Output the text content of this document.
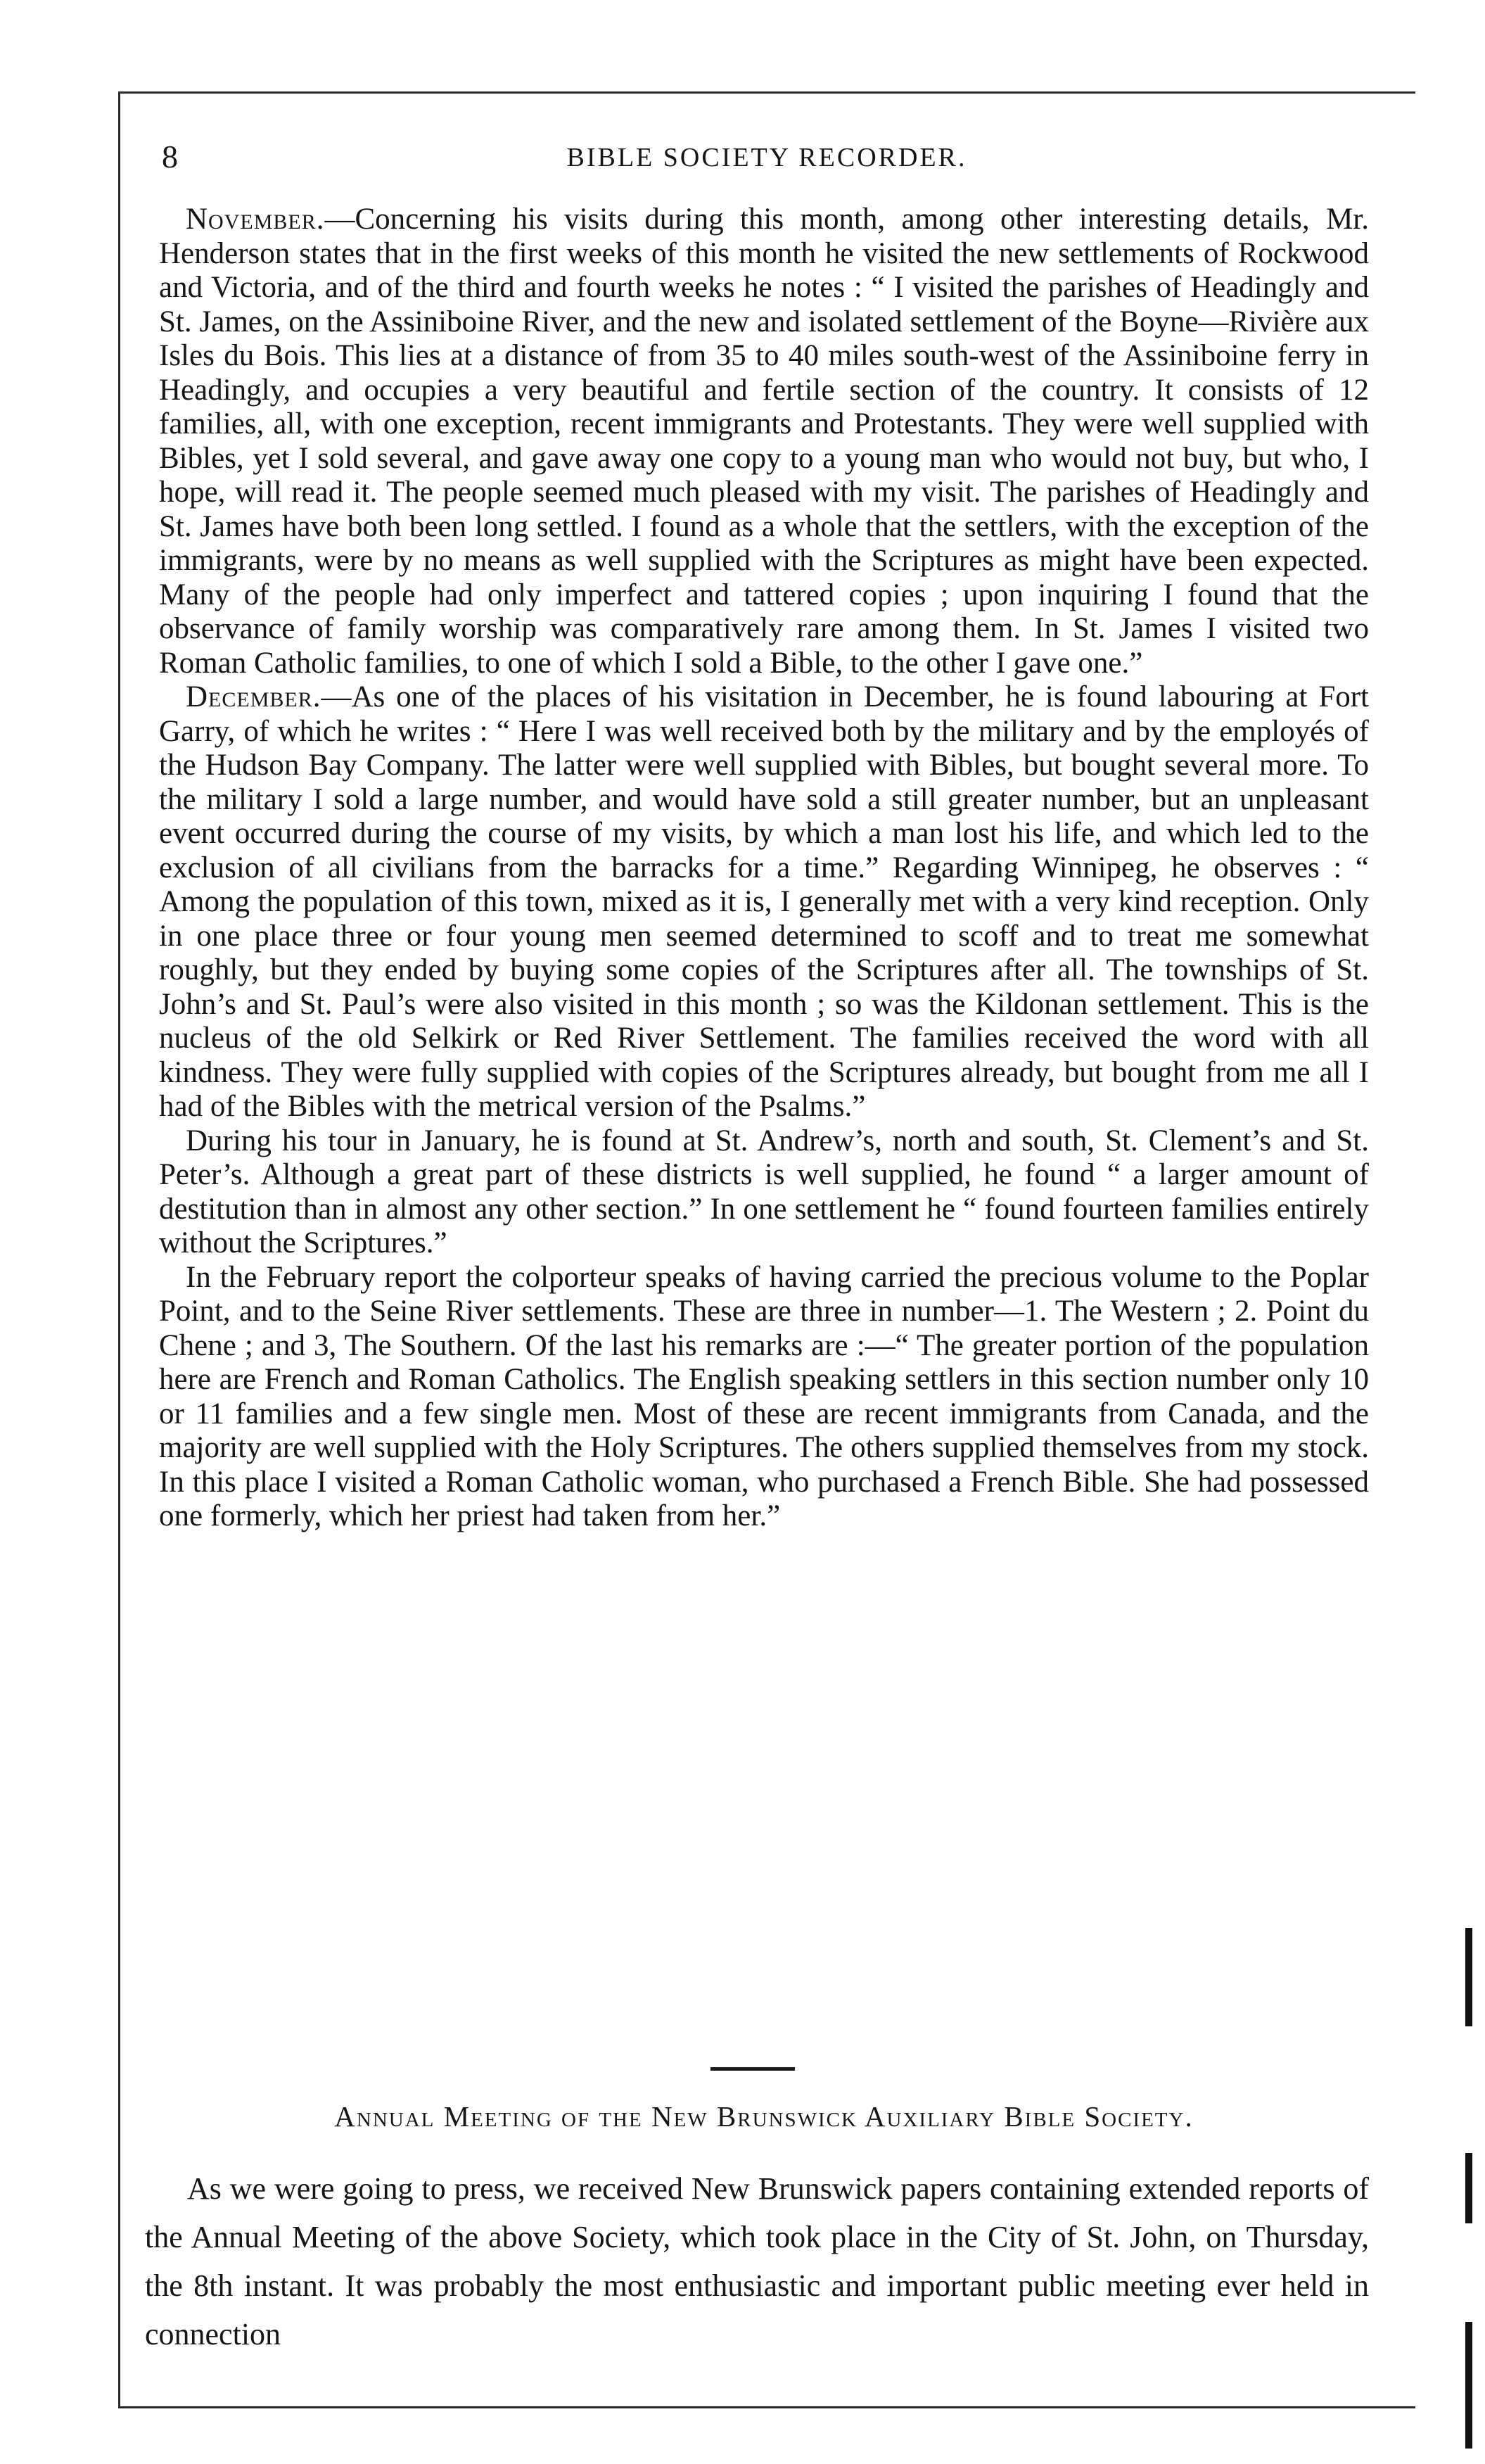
8	BIBLE SOCIETY RECORDER.

November.—Concerning his visits during this month, among other interesting details, Mr. Henderson states that in the first weeks of this month he visited the new settlements of Rockwood and Victoria, and of the third and fourth weeks he notes : “ I visited the parishes of Headingly and St. James, on the Assiniboine River, and the new and isolated settlement of the Boyne—Rivière aux Isles du Bois. This lies at a distance of from 35 to 40 miles south-west of the Assiniboine ferry in Headingly, and occupies a very beautiful and fertile section of the country. It consists of 12 families, all, with one exception, recent immigrants and Protestants. They were well supplied with Bibles, yet I sold several, and gave away one copy to a young man who would not buy, but who, I hope, will read it. The people seemed much pleased with my visit. The parishes of Headingly and St. James have both been long settled. I found as a whole that the settlers, with the exception of the immigrants, were by no means as well supplied with the Scriptures as might have been expected. Many of the people had only imperfect and tattered copies ; upon inquiring I found that the observance of family worship was comparatively rare among them. In St. James I visited two Roman Catholic families, to one of which I sold a Bible, to the other I gave one.”

December.—As one of the places of his visitation in December, he is found labouring at Fort Garry, of which he writes : “ Here I was well received both by the military and by the employés of the Hudson Bay Company. The latter were well supplied with Bibles, but bought several more. To the military I sold a large number, and would have sold a still greater number, but an unpleasant event occurred during the course of my visits, by which a man lost his life, and which led to the exclusion of all civilians from the barracks for a time.” Regarding Winnipeg, he observes : “ Among the population of this town, mixed as it is, I generally met with a very kind reception. Only in one place three or four young men seemed determined to scoff and to treat me somewhat roughly, but they ended by buying some copies of the Scriptures after all. The townships of St. John’s and St. Paul’s were also visited in this month ; so was the Kildonan settlement. This is the nucleus of the old Selkirk or Red River Settlement. The families received the word with all kindness. They were fully supplied with copies of the Scriptures already, but bought from me all I had of the Bibles with the metrical version of the Psalms.”

During his tour in January, he is found at St. Andrew’s, north and south, St. Clement’s and St. Peter’s. Although a great part of these districts is well supplied, he found “ a larger amount of destitution than in almost any other section.” In one settlement he “ found fourteen families entirely without the Scriptures.”

In the February report the colporteur speaks of having carried the precious volume to the Poplar Point, and to the Seine River settlements. These are three in number—1. The Western ; 2. Point du Chene ; and 3, The Southern. Of the last his remarks are :—“ The greater portion of the population here are French and Roman Catholics. The English speaking settlers in this section number only 10 or 11 families and a few single men. Most of these are recent immigrants from Canada, and the majority are well supplied with the Holy Scriptures. The others supplied themselves from my stock. In this place I visited a Roman Catholic woman, who purchased a French Bible. She had possessed one formerly, which her priest had taken from her.”

Annual Meeting of the New Brunswick Auxiliary Bible Society.

As we were going to press, we received New Brunswick papers containing extended reports of the Annual Meeting of the above Society, which took place in the City of St. John, on Thursday, the 8th instant. It was probably the most enthusiastic and important public meeting ever held in connection
